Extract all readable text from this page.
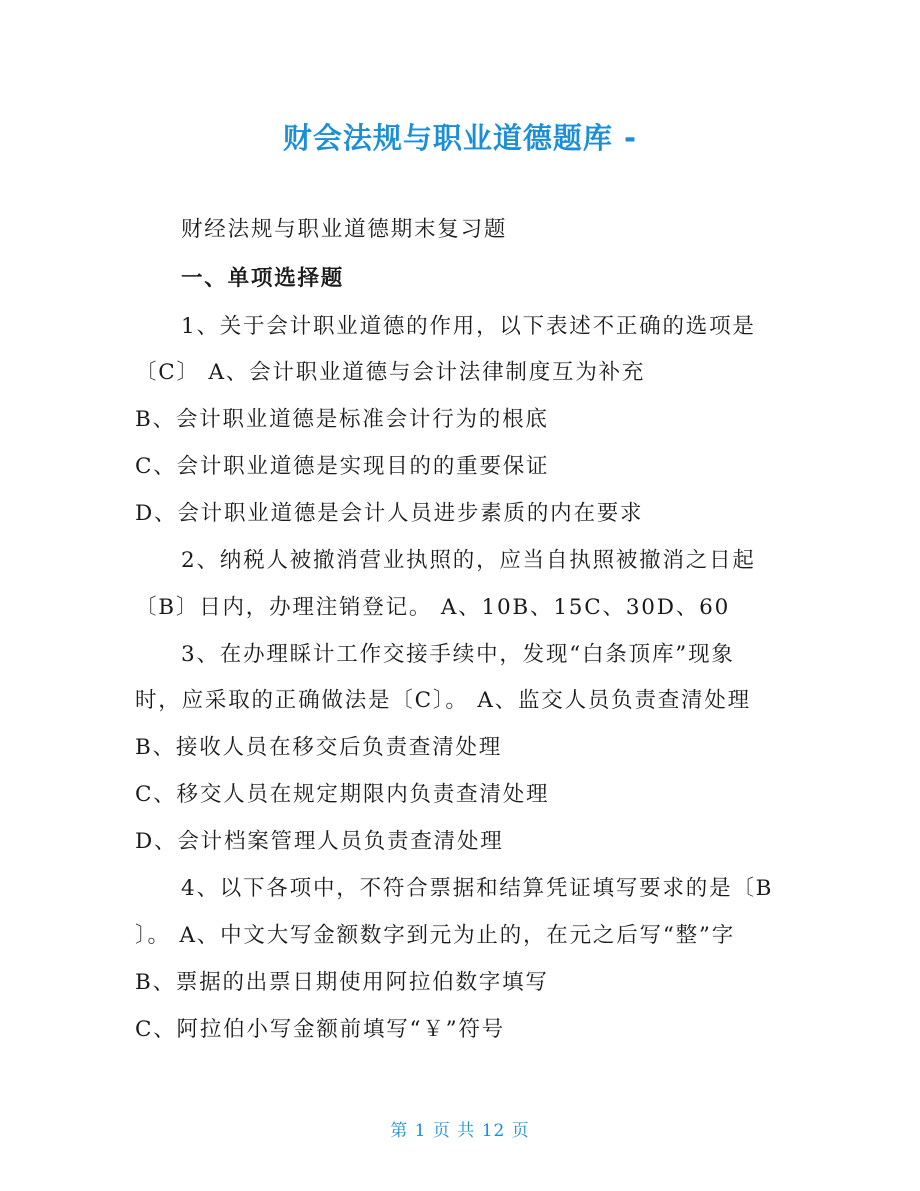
财会法规与职业道德题库 -
财经法规与职业道德期末复习题
一、单项选择题
1、关于会计职业道德的作用，以下表述不正确的选项是
〔C〕 A、会计职业道德与会计法律制度互为补充
B、会计职业道德是标准会计行为的根底
C、会计职业道德是实现目的的重要保证
D、会计职业道德是会计人员进步素质的内在要求
2、纳税人被撤消营业执照的，应当自执照被撤消之日起
〔B〕日内，办理注销登记。 A、10B、15C、30D、60
3、在办理睬计工作交接手续中，发现“白条顶库”现象
时，应采取的正确做法是〔C〕。 A、监交人员负责查清处理
B、接收人员在移交后负责查清处理
C、移交人员在规定期限内负责查清处理
D、会计档案管理人员负责查清处理
4、以下各项中，不符合票据和结算凭证填写要求的是〔B
〕。 A、中文大写金额数字到元为止的，在元之后写“整”字
B、票据的出票日期使用阿拉伯数字填写
C、阿拉伯小写金额前填写“￥”符号
第 1 页 共 12 页
